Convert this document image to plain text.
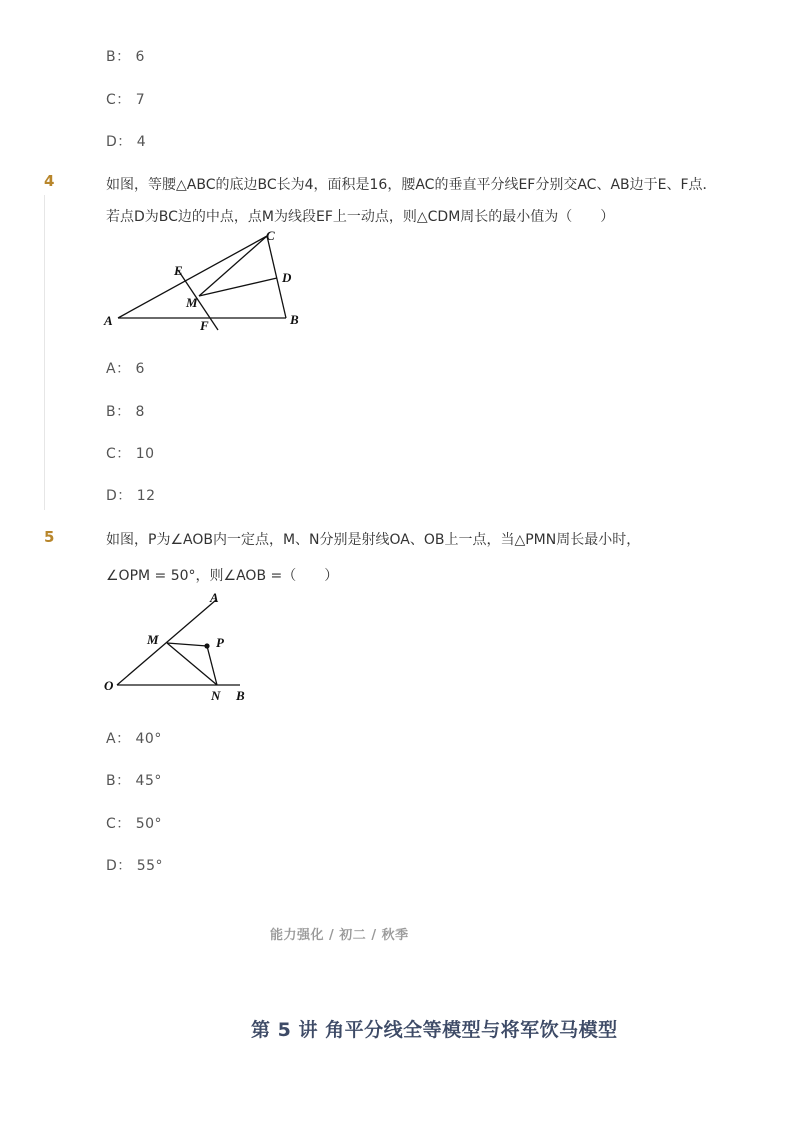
B： 6
C： 7
D： 4
4	如图，等腰△ABC的底边BC长为4，面积是16，腰AC的垂直平分线EF分别交AC、AB边于E、F点．
若点D为BC边的中点，点M为线段EF上一动点，则△CDM周长的最小值为（　　）
C
E	D
M
A	F	B
A： 6
B： 8
C： 10
D： 12
5	如图，P为∠AOB内一定点，M、N分别是射线OA、OB上一点，当△PMN周长最小时，
∠OPM = 50°，则∠AOB =（　　）
A
M	P
O
N B
A： 40°
B： 45°
C： 50°
D： 55°
能力强化 / 初二 / 秋季
第 5 讲 角平分线全等模型与将军饮马模型
